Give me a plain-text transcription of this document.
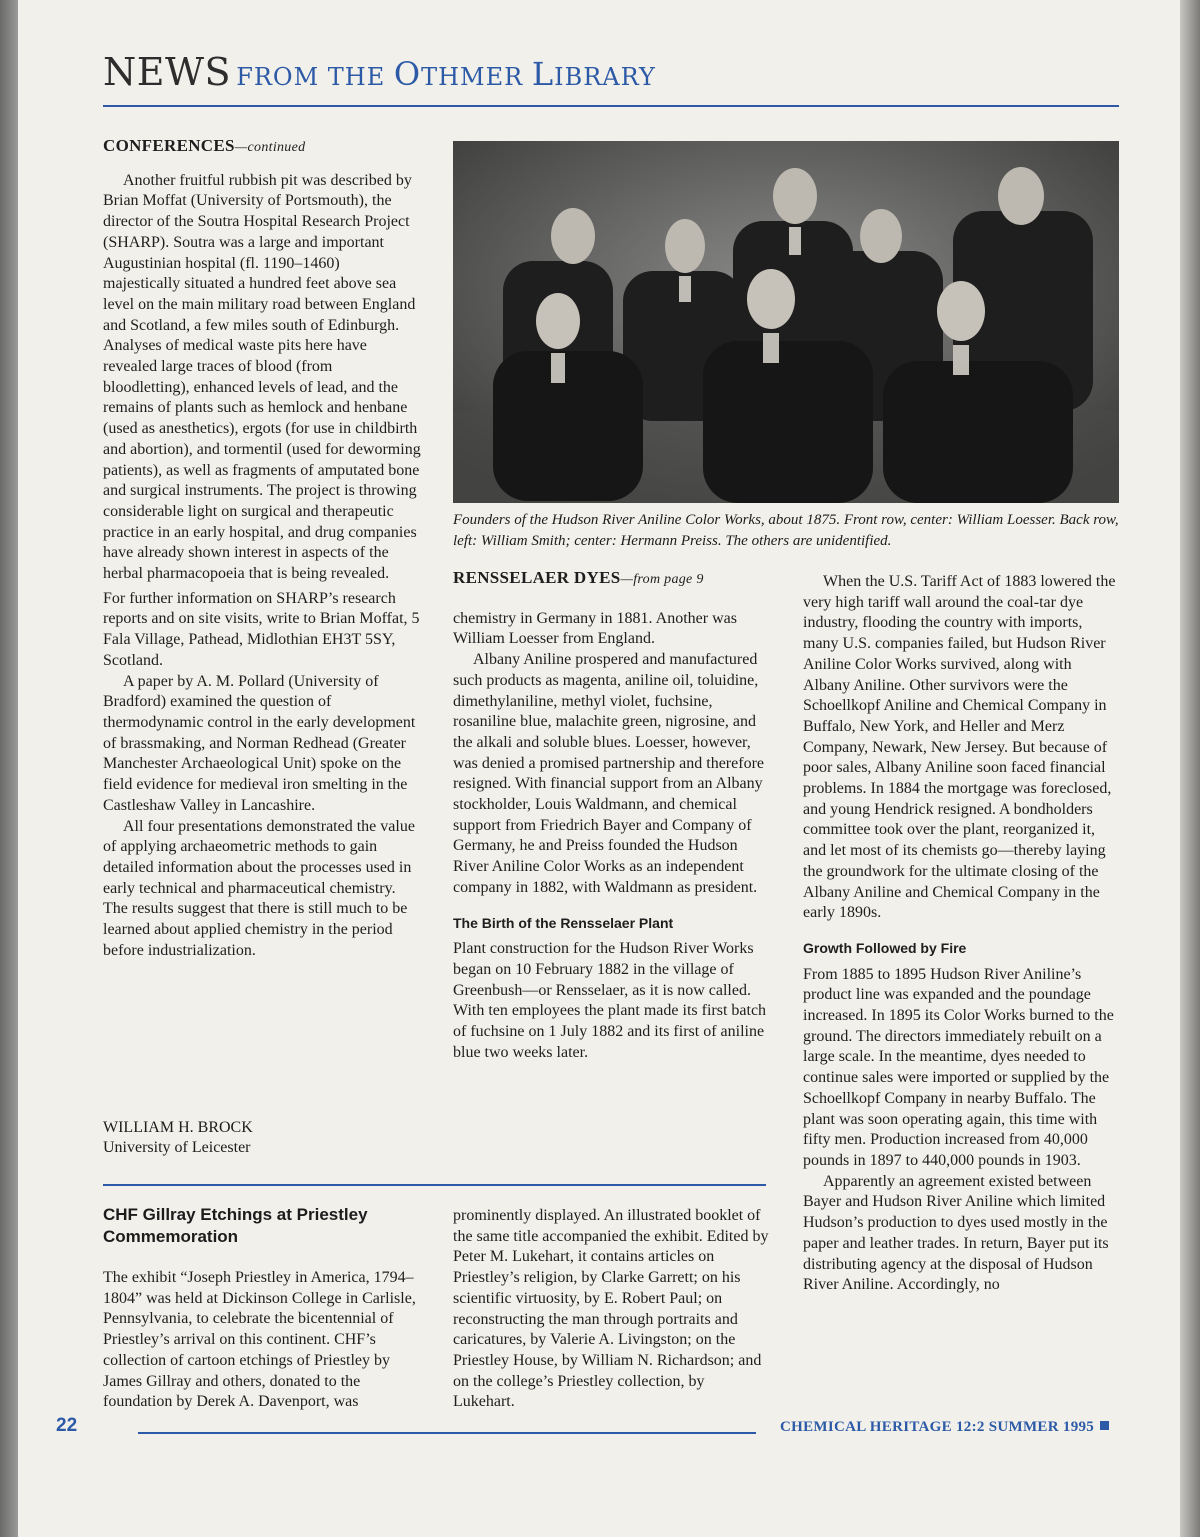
NEWS FROM THE OTHMER LIBRARY
CONFERENCES—continued

Another fruitful rubbish pit was described by Brian Moffat (University of Portsmouth), the director of the Soutra Hospital Research Project (SHARP). Soutra was a large and important Augustinian hospital (fl. 1190–1460) majestically situated a hundred feet above sea level on the main military road between England and Scotland, a few miles south of Edinburgh. Analyses of medical waste pits here have revealed large traces of blood (from bloodletting), enhanced levels of lead, and the remains of plants such as hemlock and henbane (used as anesthetics), ergots (for use in childbirth and abortion), and tormentil (used for deworming patients), as well as fragments of amputated bone and surgical instruments. The project is throwing considerable light on surgical and therapeutic practice in an early hospital, and drug companies have already shown interest in aspects of the herbal pharmacopoeia that is being revealed.

For further information on SHARP’s research reports and on site visits, write to Brian Moffat, 5 Fala Village, Pathead, Midlothian EH3T 5SY, Scotland.

A paper by A. M. Pollard (University of Bradford) examined the question of thermodynamic control in the early development of brassmaking, and Norman Redhead (Greater Manchester Archaeological Unit) spoke on the field evidence for medieval iron smelting in the Castleshaw Valley in Lancashire.

All four presentations demonstrated the value of applying archaeometric methods to gain detailed information about the processes used in early technical and pharmaceutical chemistry. The results suggest that there is still much to be learned about applied chemistry in the period before industrialization.

WILLIAM H. BROCK
University of Leicester
Founders of the Hudson River Aniline Color Works, about 1875. Front row, center: William Loesser. Back row, left: William Smith; center: Hermann Preiss. The others are unidentified.
RENSSELAER DYES—from page 9

chemistry in Germany in 1881. Another was William Loesser from England.

Albany Aniline prospered and manufactured such products as magenta, aniline oil, toluidine, dimethylaniline, methyl violet, fuchsine, rosaniline blue, malachite green, nigrosine, and the alkali and soluble blues. Loesser, however, was denied a promised partnership and therefore resigned. With financial support from an Albany stockholder, Louis Waldmann, and chemical support from Friedrich Bayer and Company of Germany, he and Preiss founded the Hudson River Aniline Color Works as an independent company in 1882, with Waldmann as president.

The Birth of the Rensselaer Plant

Plant construction for the Hudson River Works began on 10 February 1882 in the village of Greenbush—or Rensselaer, as it is now called. With ten employees the plant made its first batch of fuchsine on 1 July 1882 and its first of aniline blue two weeks later.

When the U.S. Tariff Act of 1883 lowered the very high tariff wall around the coal-tar dye industry, flooding the country with imports, many U.S. companies failed, but Hudson River Aniline Color Works survived, along with Albany Aniline. Other survivors were the Schoellkopf Aniline and Chemical Company in Buffalo, New York, and Heller and Merz Company, Newark, New Jersey. But because of poor sales, Albany Aniline soon faced financial problems. In 1884 the mortgage was foreclosed, and young Hendrick resigned. A bondholders committee took over the plant, reorganized it, and let most of its chemists go—thereby laying the groundwork for the ultimate closing of the Albany Aniline and Chemical Company in the early 1890s.

Growth Followed by Fire

From 1885 to 1895 Hudson River Aniline’s product line was expanded and the poundage increased. In 1895 its Color Works burned to the ground. The directors immediately rebuilt on a large scale. In the meantime, dyes needed to continue sales were imported or supplied by the Schoellkopf Company in nearby Buffalo. The plant was soon operating again, this time with fifty men. Production increased from 40,000 pounds in 1897 to 440,000 pounds in 1903.

Apparently an agreement existed between Bayer and Hudson River Aniline which limited Hudson’s production to dyes used mostly in the paper and leather trades. In return, Bayer put its distributing agency at the disposal of Hudson River Aniline. Accordingly, no

CHF Gillray Etchings at Priestley Commemoration

The exhibit “Joseph Priestley in America, 1794–1804” was held at Dickinson College in Carlisle, Pennsylvania, to celebrate the bicentennial of Priestley’s arrival on this continent. CHF’s collection of cartoon etchings of Priestley by James Gillray and others, donated to the foundation by Derek A. Davenport, was

prominently displayed. An illustrated booklet of the same title accompanied the exhibit. Edited by Peter M. Lukehart, it contains articles on Priestley’s religion, by Clarke Garrett; on his scientific virtuosity, by E. Robert Paul; on reconstructing the man through portraits and caricatures, by Valerie A. Livingston; on the Priestley House, by William N. Richardson; and on the college’s Priestley collection, by Lukehart.

22	CHEMICAL HERITAGE 12:2 SUMMER 1995
